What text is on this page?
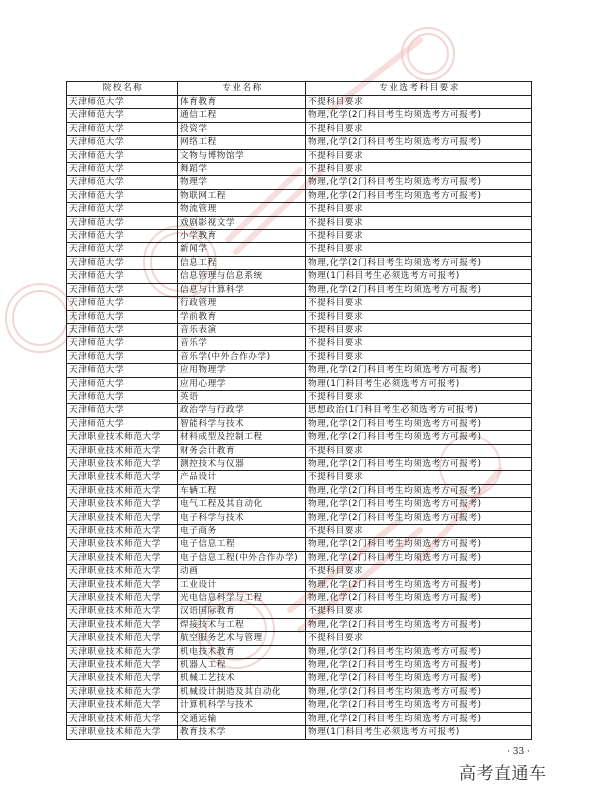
院校名称	专业名称	专业选考科目要求
天津师范大学	体育教育	不提科目要求
天津师范大学	通信工程	物理,化学(2门科目考生均须选考方可报考)
天津师范大学	投资学	不提科目要求
天津师范大学	网络工程	物理,化学(2门科目考生均须选考方可报考)
天津师范大学	文物与博物馆学	不提科目要求
天津师范大学	舞蹈学	不提科目要求
天津师范大学	物理学	物理,化学(2门科目考生均须选考方可报考)
天津师范大学	物联网工程	物理,化学(2门科目考生均须选考方可报考)
天津师范大学	物流管理	不提科目要求
天津师范大学	戏剧影视文学	不提科目要求
天津师范大学	小学教育	不提科目要求
天津师范大学	新闻学	不提科目要求
天津师范大学	信息工程	物理,化学(2门科目考生均须选考方可报考)
天津师范大学	信息管理与信息系统	物理(1门科目考生必须选考方可报考)
天津师范大学	信息与计算科学	物理,化学(2门科目考生均须选考方可报考)
天津师范大学	行政管理	不提科目要求
天津师范大学	学前教育	不提科目要求
天津师范大学	音乐表演	不提科目要求
天津师范大学	音乐学	不提科目要求
天津师范大学	音乐学(中外合作办学)	不提科目要求
天津师范大学	应用物理学	物理,化学(2门科目考生均须选考方可报考)
天津师范大学	应用心理学	物理(1门科目考生必须选考方可报考)
天津师范大学	英语	不提科目要求
天津师范大学	政治学与行政学	思想政治(1门科目考生必须选考方可报考)
天津师范大学	智能科学与技术	物理,化学(2门科目考生均须选考方可报考)
天津职业技术师范大学	材料成型及控制工程	物理,化学(2门科目考生均须选考方可报考)
天津职业技术师范大学	财务会计教育	不提科目要求
天津职业技术师范大学	测控技术与仪器	物理,化学(2门科目考生均须选考方可报考)
天津职业技术师范大学	产品设计	不提科目要求
天津职业技术师范大学	车辆工程	物理,化学(2门科目考生均须选考方可报考)
天津职业技术师范大学	电气工程及其自动化	物理,化学(2门科目考生均须选考方可报考)
天津职业技术师范大学	电子科学与技术	物理,化学(2门科目考生均须选考方可报考)
天津职业技术师范大学	电子商务	不提科目要求
天津职业技术师范大学	电子信息工程	物理,化学(2门科目考生均须选考方可报考)
天津职业技术师范大学	电子信息工程(中外合作办学)	物理,化学(2门科目考生均须选考方可报考)
天津职业技术师范大学	动画	不提科目要求
天津职业技术师范大学	工业设计	物理,化学(2门科目考生均须选考方可报考)
天津职业技术师范大学	光电信息科学与工程	物理,化学(2门科目考生均须选考方可报考)
天津职业技术师范大学	汉语国际教育	不提科目要求
天津职业技术师范大学	焊接技术与工程	物理,化学(2门科目考生均须选考方可报考)
天津职业技术师范大学	航空服务艺术与管理	不提科目要求
天津职业技术师范大学	机电技术教育	物理,化学(2门科目考生均须选考方可报考)
天津职业技术师范大学	机器人工程	物理,化学(2门科目考生均须选考方可报考)
天津职业技术师范大学	机械工艺技术	物理,化学(2门科目考生均须选考方可报考)
天津职业技术师范大学	机械设计制造及其自动化	物理,化学(2门科目考生均须选考方可报考)
天津职业技术师范大学	计算机科学与技术	物理,化学(2门科目考生均须选考方可报考)
天津职业技术师范大学	交通运输	物理,化学(2门科目考生均须选考方可报考)
天津职业技术师范大学	教育技术学	物理(1门科目考生必须选考方可报考)
· 33 ·
高考直通车
